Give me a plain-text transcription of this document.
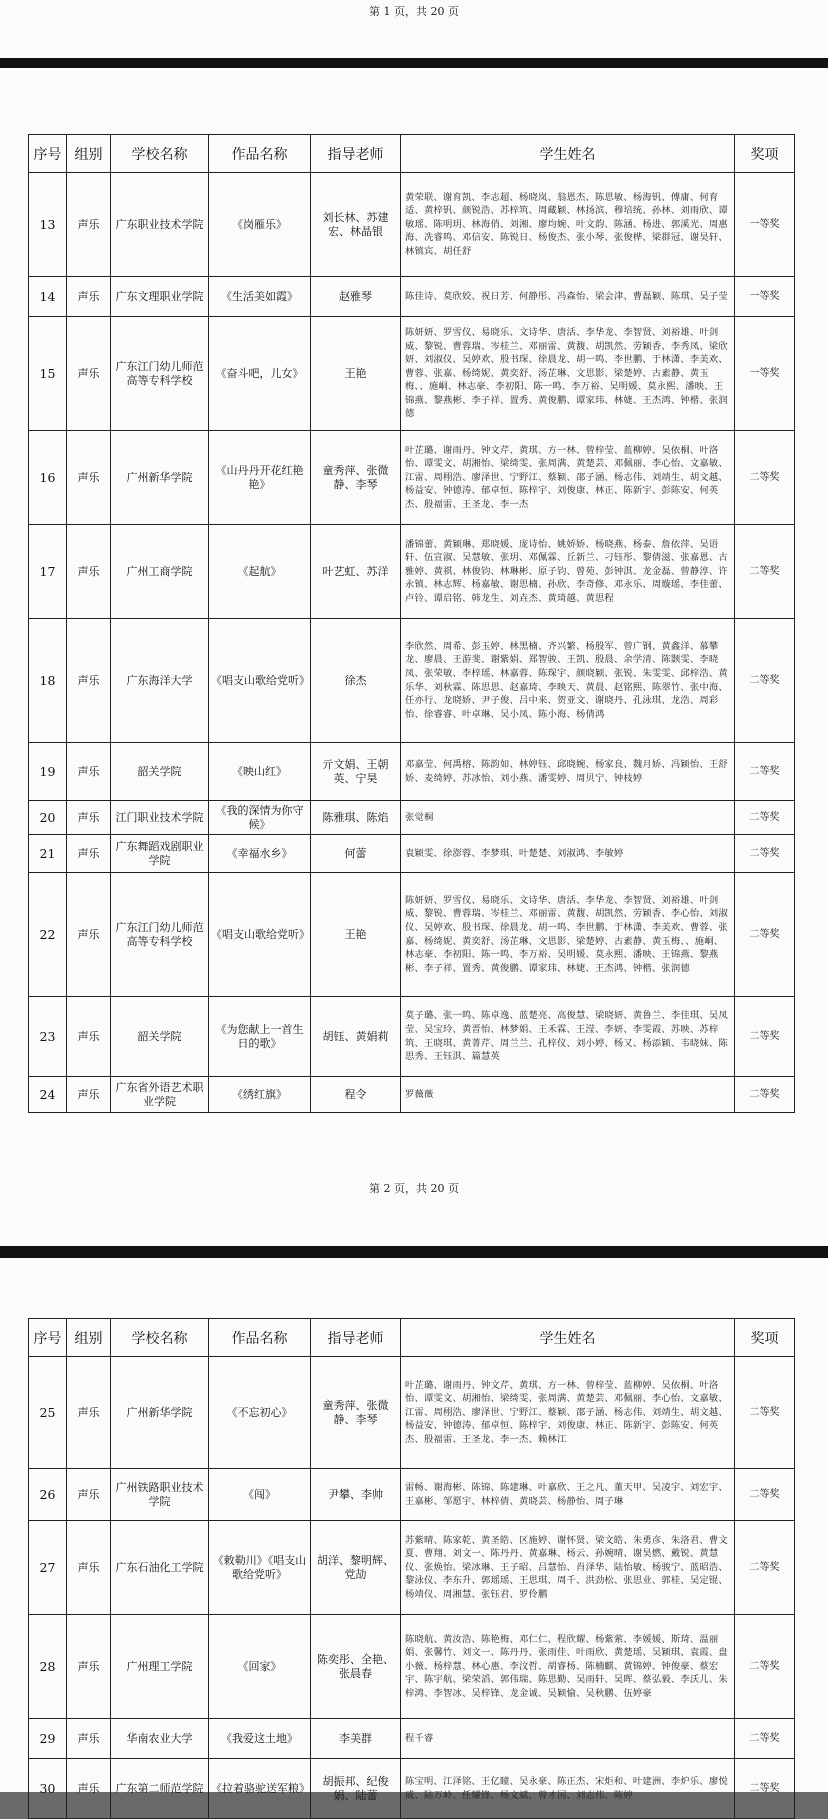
第 1 页，共 20 页
序号	组别	学校名称	作品名称	指导老师	学生姓名	奖项
13	声乐	广东职业技术学院	《岗雁乐》	刘长林、苏建宏、林晶银	黄荣联、谢育凯、李志超、杨晓岚、翁恩杰、陈思敏、杨海钒、傅庸、何育适、黄梓钒、颜锐浩、苏梓筑、周藏颖、林扬滨、穆培统、孙林、刘雨欣、谭敏瑶、陈明玥、林海俏、刘湘、廖均婉、叶文韵、陈涵、杨进、郭溪光、周惠海、冼睿鸣、邓信安、陈锐日、杨俊杰、张小琴、张俊桦、梁群冠、谢昊轩、林镇宾、胡任舒	一等奖
14	声乐	广东文理职业学院	《生活美如霞》	赵雅琴	陈佳诗、莫欣姣、祝日芳、何静彤、冯森怡、梁会津、曹磊颖、陈琪、吴子莹	一等奖
15	声乐	广东江门幼儿师范高等专科学校	《奋斗吧，儿女》	王艳	陈妍妍、罗雪仪、易晓乐、文诗华、唐活、李华龙、李智贤、刘裕雄、叶剑威、黎锐、曹蓉瑞、岑桂兰、邓丽雷、黄馥、胡凯然、劳颖香、李秀凤、梁欣妍、刘淑仪、吴婷欢、殷书琛、徐晨龙、胡一鸣、李世鹏、于林潇、李美欢、曹蓉、张嘉、杨绮妮、黄奕舒、汤芷琳、文思影、梁楚婷、古素静、黄玉梅、、施峒、林志豪、李初阳、陈一鸣、李万裕、吴明媛、莫永熙、潘映、王锦燕、黎燕彬、李子祥、置秀、黄俊鹏、谭家玮、林婕、王杰鸿、钟楷、张润德	一等奖
16	声乐	广州新华学院	《山丹丹开花红艳艳》	童秀萍、张微静、李琴	叶芷璐、谢雨丹、钟文芹、黄琪、方一林、曾梓莹、蓝柳婷、吴依桐、叶洛怡、谭雯文、胡湘怡、梁绮雯、张周满、黄楚芸、邓佩丽、李心怡、文嘉敏、江雷、周栩浩、廖泽世、宁野江、蔡颖、邵子涵、杨志伟、刘靖生、胡文越、杨益安、钟德涛、郁卓恒、陈梓宇、刘俊康、林正、陈新宇、彭陈安、何英杰、殷福雷、王圣龙、李一杰	二等奖
17	声乐	广州工商学院	《起航》	叶艺虹、苏洋	潘锦蕾、黄颖琳、郑晓媛、庞诗怡、姚娇娇、杨晓燕、杨泰、詹依萍、吴语轩、伍宣淑、吴慧敏、张玥、邓佩霖、丘新兰、刁钰彤、黎倩滋、张嘉恩、古雅婷、黄祺、林俊钧、林琳彬、原子钧、曾苑、彭钟淇、龙金磊、曾静淳、许永镇、林志辉、杨嘉敏、谢思楠、孙欣、李奇修、邓永乐、周璇瑶、李佳蕾、卢铃、谭启铭、韩龙生、刘垚杰、黄琦越、黄思程	二等奖
18	声乐	广东海洋大学	《唱支山歌给党听》	徐杰	李欣然、周希、彭玉婷、林黑楠、齐兴繁、杨殷军、曾广钢、黄鑫洋、慕攀龙、廖晨、王游斐、谢紫娟、郑智骏、王凯、殷晨、余学清、陈颢雯、李晓凤、张荣敏、李梓瑶、林嘉蓉、陈琛宇、颜晓颖、张锐、朱雯雯、邱梓浩、黄乐华、刘秋霖、陈思思、赵嘉琦、李映天、黄晨、赵铭熙、陈翠竹、张中海、任亦行、龙晓娇、尹子俊、吕中来、贺亚文、谢晓丹、孔泳琪、龙浩、周彩怡、徐睿睿、叶卓琳、吴小凤、陈小海、杨倩鸿	二等奖
19	声乐	韶关学院	《映山红》	亓文娟、王朝英、宁昊	邓嘉莹、何禹榕、陈韵如、林婷钰、邱晓婉、杨家良、魏月娇、冯颖怡、王舒娇、麦绮婷、苏冰怡、刘小燕、潘雯婷、周贝宁、钟枝婷	二等奖
20	声乐	江门职业技术学院	《我的深情为你守候》	陈雅琪、陈焰	张觉桐	二等奖
21	声乐	广东舞蹈戏剧职业学院	《幸福水乡》	何蕾	袁颖雯、徐澎蓉、李梦琪、叶楚楚、刘淑鸿、李敏婷	二等奖
22	声乐	广东江门幼儿师范高等专科学校	《唱支山歌给党听》	王艳	陈妍妍、罗雪仪、易晓乐、文诗华、唐活、李华龙、李智贤、刘裕雄、叶剑威、黎锐、曹蓉瑞、岑桂兰、邓丽雷、黄馥、胡凯然、劳颖香、李心怡、刘淑仪、吴婷欢、殷书琛、徐晨龙、胡一鸣、李世鹏、于林潇、李美欢、曹蓉、张嘉、杨绮妮、黄奕舒、汤芷琳、文思影、梁楚婷、古素静、黄玉梅、、施峒、林志豪、李初阳、陈一鸣、李万裕、吴明媛、莫永熙、潘映、王锦燕、黎燕彬、李子祥、置秀、黄俊鹏、谭家玮、林婕、王杰鸿、钟楷、张润德	二等奖
23	声乐	韶关学院	《为您献上一首生日的歌》	胡钰、黄娟莉	莫子璐、张一鸣、陈卓逸、蓝楚亮、高俊慧、梁晓妍、黄鲁兰、李佳琪、吴凤莹、吴宝玲、黄晋怡、林梦娟、王禾霖、王滢、李妍、李雯霞、苏映、苏梓筑、王晓琪、黄菁芹、周兰兰、孔梓仪、刘小婷、杨又、杨添颖、韦晓妹、陈思秀、王钰淇、篇慧英	二等奖
24	声乐	广东省外语艺术职业学院	《绣红旗》	程令	罗薇薇	二等奖
第 2 页，共 20 页
序号	组别	学校名称	作品名称	指导老师	学生姓名	奖项
25	声乐	广州新华学院	《不忘初心》	童秀萍、张微静、李琴	叶芷璐、谢雨丹、钟文芹、黄琪、方一林、曾梓莹、蓝柳婷、吴依桐、叶洛怡、谭雯文、胡湘怡、梁绮雯、张周满、黄楚芸、邓佩丽、李心怡、文嘉敏、江雷、周栩浩、廖泽世、宁野江、蔡颖、邵子涵、杨志伟、刘靖生、胡文越、杨益安、钟德涛、郁卓恒、陈梓宇、刘俊康、林正、陈新宇、彭陈安、何英杰、殷福雷、王圣龙、李一杰、赖林江	二等奖
26	声乐	广州铁路职业技术学院	《闯》	尹攀、李帅	雷畅、谢海彬、陈锦、陈建琳、叶嘉欣、王之凡、董天甲、吴凌宇、刘宏宇、王嘉彬、邹愿宇、林梓倩、黄晓芸、杨静怡、周子琳	二等奖
27	声乐	广东石油化工学院	《敕勒川》《唱支山歌给党听》	胡洋、黎明辉、党劼	苏紫晴、陈家乾、黄圣皓、区施婷、谢怀贤、梁文皓、朱勇彦、朱洛君、曹文夏、曹翔、刘文一、陈丹丹、黄嘉琳、杨云、孙婉晴、谢昊燃、戴锐、黄慧仪、张焕怡、梁冰琳、王子昭、吕慧怡、肖泽华、陆怡敏、杨骏宁、蓝昭浩、黎泳仪、李东升、郭瑶瑶、王思琪、周千、洪劲松、张思业、郭桂、吴定锟、杨靖仪、周湘慧、张钰君、罗伶鹏	二等奖
28	声乐	广州理工学院	《回家》	陈奕彤、全艳、张晨春	陈晓航、黄汝浩、陈艳梅、邓仁仁、程欣耀、杨紫萦、李媛媛、斯琦、温丽娟、张馨竹、刘文一、陈丹丹、张雨佳、叶雨欣、黄楚瑶、吴颖琪、袁霞、盘小薇、杨梓慧、林心惠、李汶哲、胡睿杨、陈楠麒、黄锦婷、钟俊豪、蔡宏宇、陈宇航、梁荣滔、郭伟瑞、陈思勤、吴雨轩、吴晖、蔡弘毅、李沃儿、朱梓鸿、李智冰、吴梓锋、龙金诚、吴颖愉、吴秋鹏、伍婷豪	二等奖
29	声乐	华南农业大学	《我爱这土地》	李美群	程千睿	二等奖
30	声乐	广东第二师范学院	《拉着骆驼送军粮》	胡振邦、纪俊娟、陆蕾	陈宝明、江泽铭、王亿瞳、吴永豪、陈正杰、宋炬和、叶建洲、李炉乐、廖悦威、陆万岭、任耀锋、杨文斌、曾才国、刘志伟、陈婷	二等奖
